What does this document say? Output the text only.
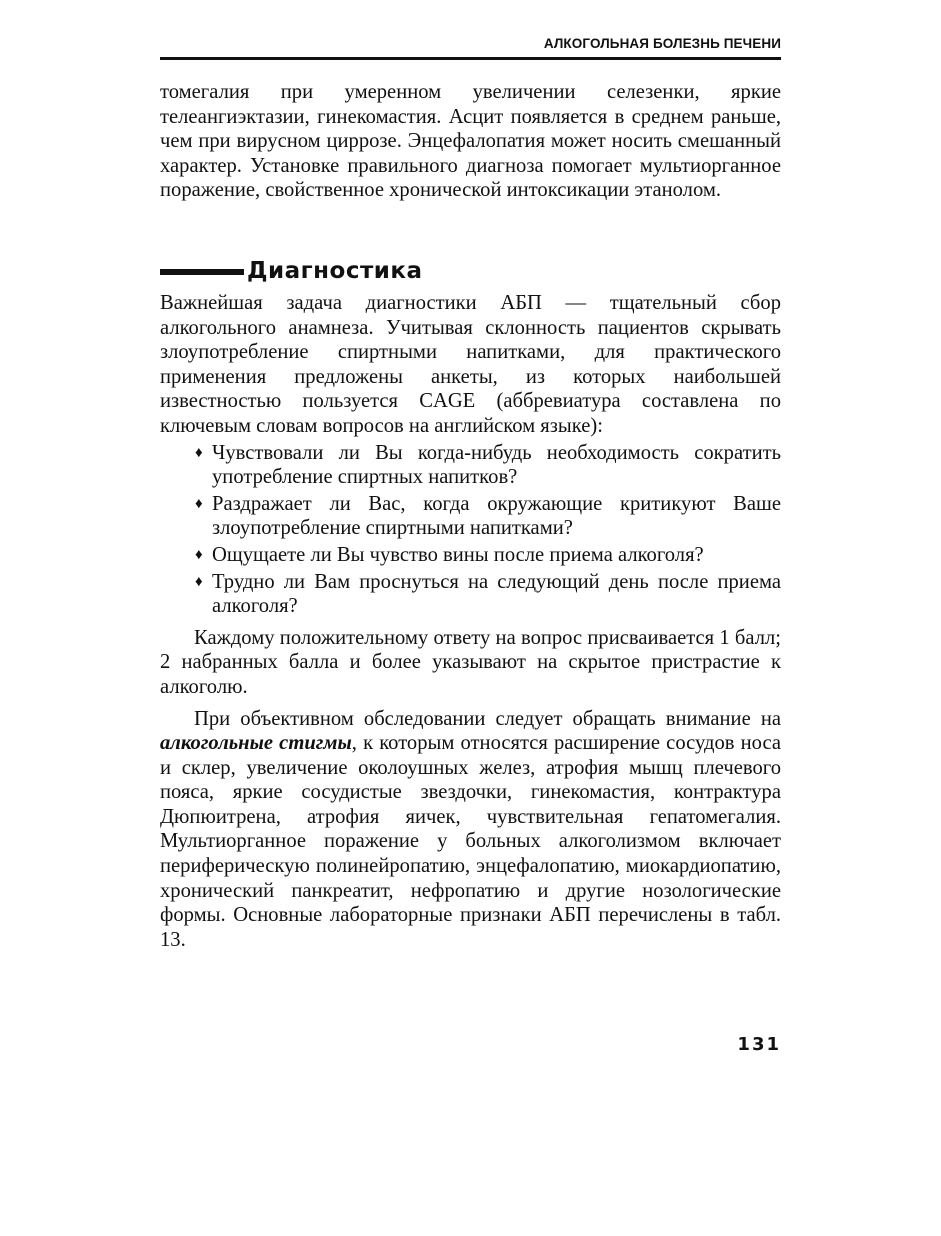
АЛКОГОЛЬНАЯ БОЛЕЗНЬ ПЕЧЕНИ

томегалия при умеренном увеличении селезенки, яркие телеангиэктазии, гинекомастия. Асцит появляется в среднем раньше, чем при вирусном циррозе. Энцефалопатия может носить смешанный характер. Установке правильного диагноза помогает мультиорганное поражение, свойственное хронической интоксикации этанолом.

Диагностика

Важнейшая задача диагностики АБП — тщательный сбор алкогольного анамнеза. Учитывая склонность пациентов скрывать злоупотребление спиртными напитками, для практического применения предложены анкеты, из которых наибольшей известностью пользуется CAGE (аббревиатура составлена по ключевым словам вопросов на английском языке):

♦ Чувствовали ли Вы когда-нибудь необходимость сократить употребление спиртных напитков?
♦ Раздражает ли Вас, когда окружающие критикуют Ваше злоупотребление спиртными напитками?
♦ Ощущаете ли Вы чувство вины после приема алкоголя?
♦ Трудно ли Вам проснуться на следующий день после приема алкоголя?

Каждому положительному ответу на вопрос присваивается 1 балл; 2 набранных балла и более указывают на скрытое пристрастие к алкоголю.

При объективном обследовании следует обращать внимание на алкогольные стигмы, к которым относятся расширение сосудов носа и склер, увеличение околоушных желез, атрофия мышц плечевого пояса, яркие сосудистые звездочки, гинекомастия, контрактура Дюпюитрена, атрофия яичек, чувствительная гепатомегалия. Мультиорганное поражение у больных алкоголизмом включает периферическую полинейропатию, энцефалопатию, миокардиопатию, хронический панкреатит, нефропатию и другие нозологические формы. Основные лабораторные признаки АБП перечислены в табл. 13.

131
